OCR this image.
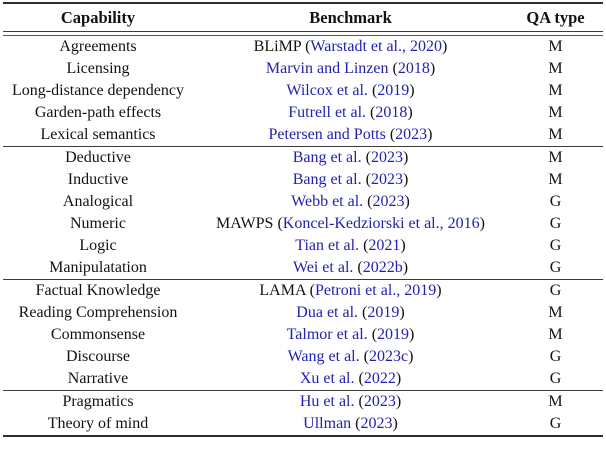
Capability	Benchmark	QA type
Agreements	BLiMP (Warstadt et al., 2020)	M
Licensing	Marvin and Linzen (2018)	M
Long-distance dependency	Wilcox et al. (2019)	M
Garden-path effects	Futrell et al. (2018)	M
Lexical semantics	Petersen and Potts (2023)	M
Deductive	Bang et al. (2023)	M
Inductive	Bang et al. (2023)	M
Analogical	Webb et al. (2023)	G
Numeric	MAWPS (Koncel-Kedziorski et al., 2016)	G
Logic	Tian et al. (2021)	G
Manipulatation	Wei et al. (2022b)	G
Factual Knowledge	LAMA (Petroni et al., 2019)	G
Reading Comprehension	Dua et al. (2019)	M
Commonsense	Talmor et al. (2019)	M
Discourse	Wang et al. (2023c)	G
Narrative	Xu et al. (2022)	G
Pragmatics	Hu et al. (2023)	M
Theory of mind	Ullman (2023)	G
